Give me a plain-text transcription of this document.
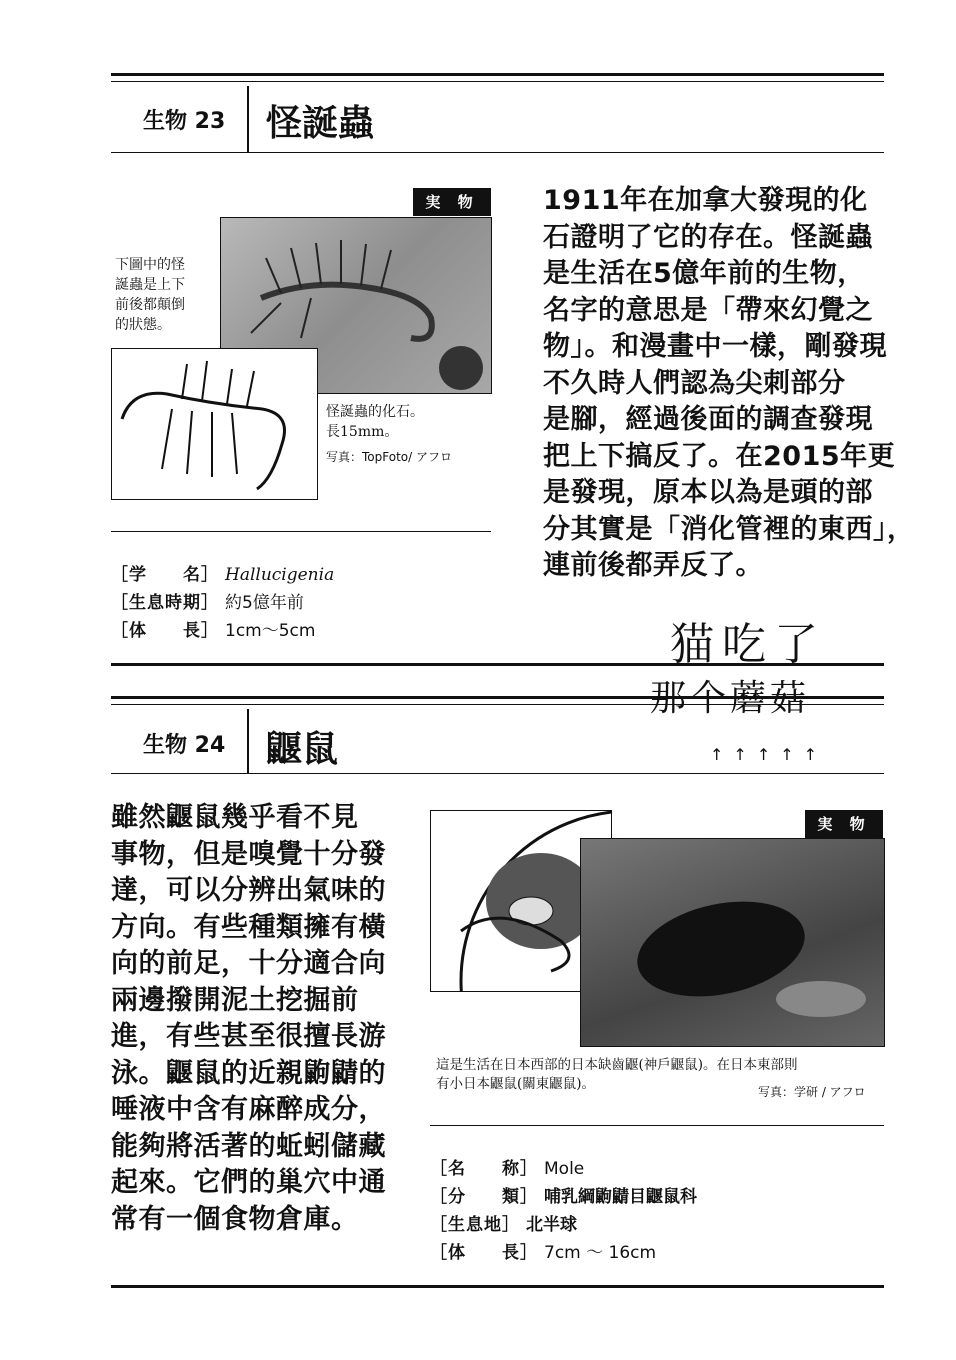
生物 23 怪誕蟲
実 物
下圖中的怪
誕蟲是上下
前後都顛倒
的狀態。
怪誕蟲的化石。
長15mm。
写真：TopFoto/ アフロ
1911年在加拿大發現的化
石證明了它的存在。怪誕蟲
是生活在5億年前的生物，
名字的意思是「帶來幻覺之
物」。和漫畫中一樣，剛發現
不久時人們認為尖刺部分
是腳，經過後面的調查發現
把上下搞反了。在2015年更
是發現，原本以為是頭的部
分其實是「消化管裡的東西」，
連前後都弄反了。
［学　　名］ Hallucigenia
［生息時期］ 約5億年前
［体　　長］ 1cm～5cm
生物 24 鼴鼠
猫吃了
那个蘑菇
↑↑↑↑↑
雖然鼴鼠幾乎看不見
事物，但是嗅覺十分發
達，可以分辨出氣味的
方向。有些種類擁有橫
向的前足，十分適合向
兩邊撥開泥土挖掘前
進，有些甚至很擅長游
泳。鼴鼠的近親鼩鼱的
唾液中含有麻醉成分，
能夠將活著的蚯蚓儲藏
起來。它們的巢穴中通
常有一個食物倉庫。
実 物
這是生活在日本西部的日本缺齒鼴(神戶鼴鼠)。在日本東部則
有小日本鼴鼠(關東鼴鼠)。	写真：学研 / アフロ
［名　　称］ Mole
［分　　類］ 哺乳綱鼩鼱目鼴鼠科
［生息地］ 北半球
［体　　長］ 7cm ～ 16cm
